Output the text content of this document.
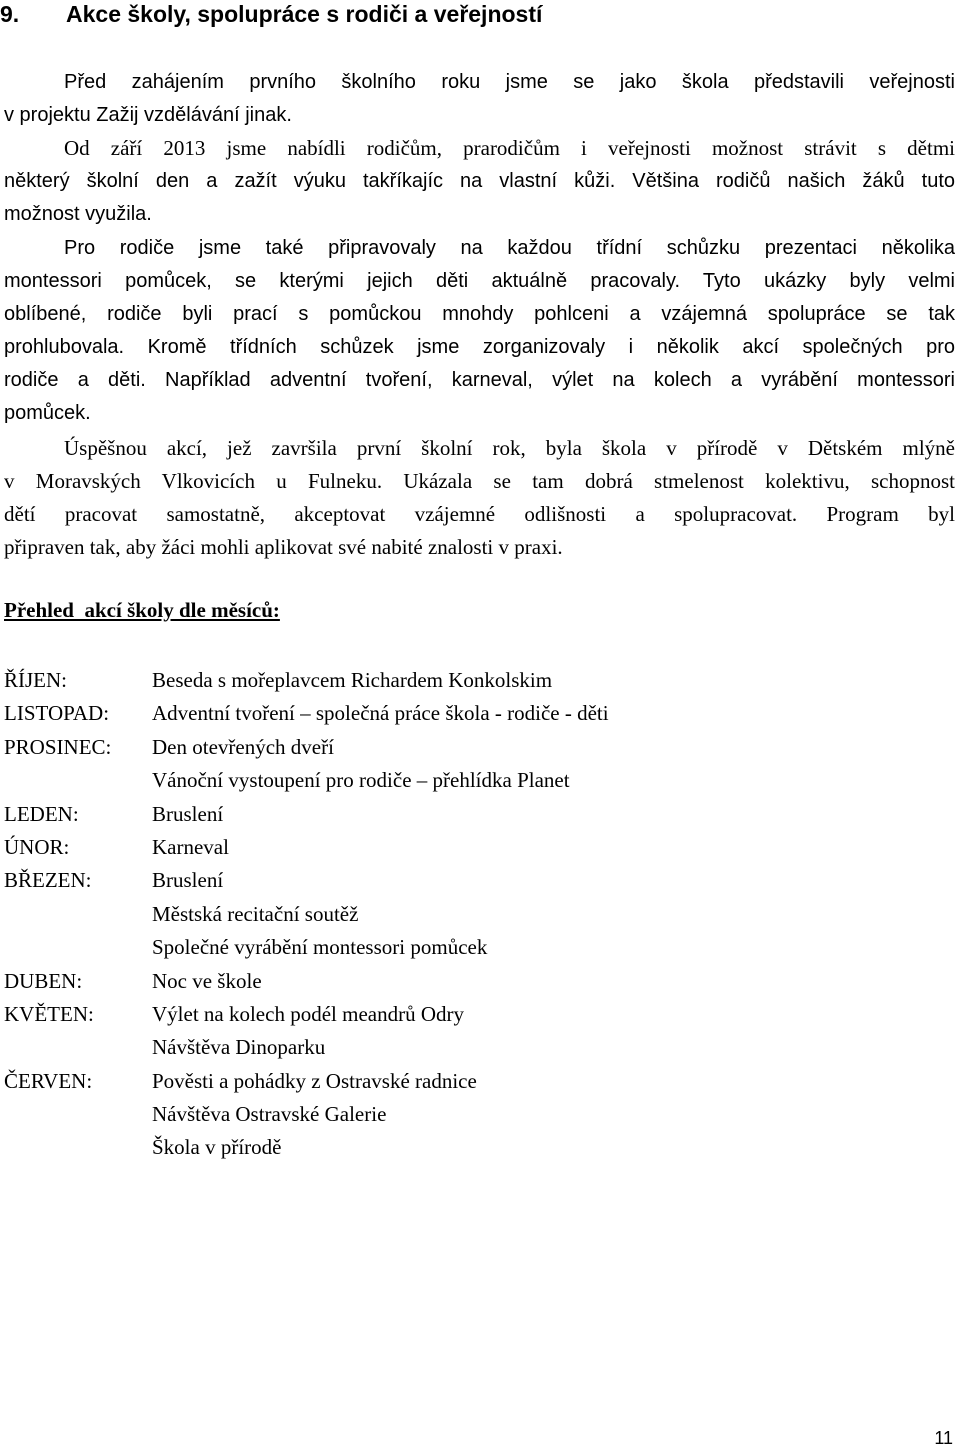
9. Akce školy, spolupráce s rodiči a veřejností
Před zahájením prvního školního roku jsme se jako škola představili veřejnosti
v projektu Zažij vzdělávání jinak.
Od září 2013 jsme nabídli rodičům, prarodičům i veřejnosti možnost strávit s dětmi
některý školní den a zažít výuku takříkajíc na vlastní kůži. Většina rodičů našich žáků tuto
možnost využila.
Pro rodiče jsme také připravovaly na každou třídní schůzku prezentaci několika
montessori pomůcek, se kterými jejich děti aktuálně pracovaly. Tyto ukázky byly velmi
oblíbené, rodiče byli prací s pomůckou mnohdy pohlceni a vzájemná spolupráce se tak
prohlubovala. Kromě třídních schůzek jsme zorganizovaly i několik akcí společných pro
rodiče a děti. Například adventní tvoření, karneval, výlet na kolech a vyrábění montessori
pomůcek.
Úspěšnou akcí, jež završila první školní rok, byla škola v přírodě v Dětském mlýně
v Moravských Vlkovicích u Fulneku. Ukázala se tam dobrá stmelenost kolektivu, schopnost
dětí pracovat samostatně, akceptovat vzájemné odlišnosti a spolupracovat. Program byl
připraven tak, aby žáci mohli aplikovat své nabité znalosti v praxi.
Přehled  akcí školy dle měsíců:
ŘÍJEN:	Beseda s mořeplavcem Richardem Konkolskim
LISTOPAD:	Adventní tvoření – společná práce škola - rodiče - děti
PROSINEC:	Den otevřených dveří
Vánoční vystoupení pro rodiče – přehlídka Planet
LEDEN:	Bruslení
ÚNOR:	Karneval
BŘEZEN:	Bruslení
Městská recitační soutěž
Společné vyrábění montessori pomůcek
DUBEN:	Noc ve škole
KVĚTEN:	Výlet na kolech podél meandrů Odry
Návštěva Dinoparku
ČERVEN:	Pověsti a pohádky z Ostravské radnice
Návštěva Ostravské Galerie
Škola v přírodě
11
